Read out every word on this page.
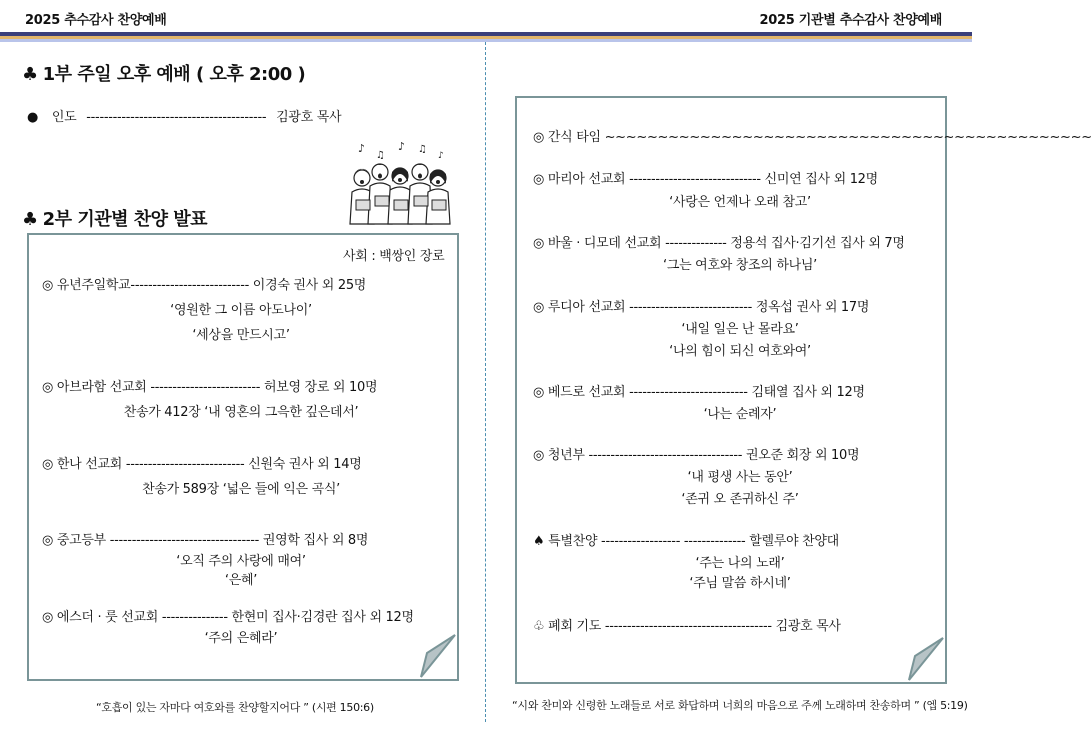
2025 추수감사 찬양예배	2025 기관별 추수감사 찬양예배
♣ 1부 주일 오후 예배 ( 오후 2:00 )
● 인도 ----------------------------------------- 김광호 목사
♪
♫
♪ ♫
♪
♣ 2부 기관별 찬양 발표
사회 : 백쌍인 장로
◎ 유년주일학교--------------------------- 이경숙 권사 외 25명
‘영원한 그 이름 아도나이’
‘세상을 만드시고’
◎ 아브라함 선교회 ------------------------- 허보영 장로 외 10명
찬송가 412장 ‘내 영혼의 그윽한 깊은데서’
◎ 한나 선교회 --------------------------- 신원숙 권사 외 14명
찬송가 589장 ‘넓은 들에 익은 곡식’
◎ 중고등부 ---------------------------------- 권영학 집사 외 8명
‘오직 주의 사랑에 매여’
‘은혜’
◎ 에스더 · 룻 선교회 --------------- 한현미 집사·김경란 집사 외 12명
‘주의 은혜라’
◎ 간식 타임 ~~~~~~~~~~~~~~~~~~~~~~~~~~~~~~~~~~~~~~~~~~~~~~
◎ 마리아 선교회 ------------------------------ 신미연 집사 외 12명
‘사랑은 언제나 오래 참고’
◎ 바울 · 디모데 선교회 -------------- 정용석 집사·김기선 집사 외 7명
‘그는 여호와 창조의 하나님’
◎ 루디아 선교회 ---------------------------- 정옥섭 권사 외 17명
‘내일 일은 난 몰라요’
‘나의 힘이 되신 여호와여’
◎ 베드로 선교회 --------------------------- 김태열 집사 외 12명
‘나는 순례자’
◎ 청년부 ----------------------------------- 권오준 회장 외 10명
‘내 평생 사는 동안’
‘존귀 오 존귀하신 주’
♠ 특별찬양 ------------------ -------------- 할렐루야 찬양대
‘주는 나의 노래’
‘주님 말씀 하시네’
♧ 폐회 기도 -------------------------------------- 김광호 목사
“호흡이 있는 자마다 여호와를 찬양할지어다 ” (시편 150:6)	“시와 찬미와 신령한 노래들로 서로 화답하며 너희의 마음으로 주께 노래하며 찬송하며 ” (엡 5:19)
